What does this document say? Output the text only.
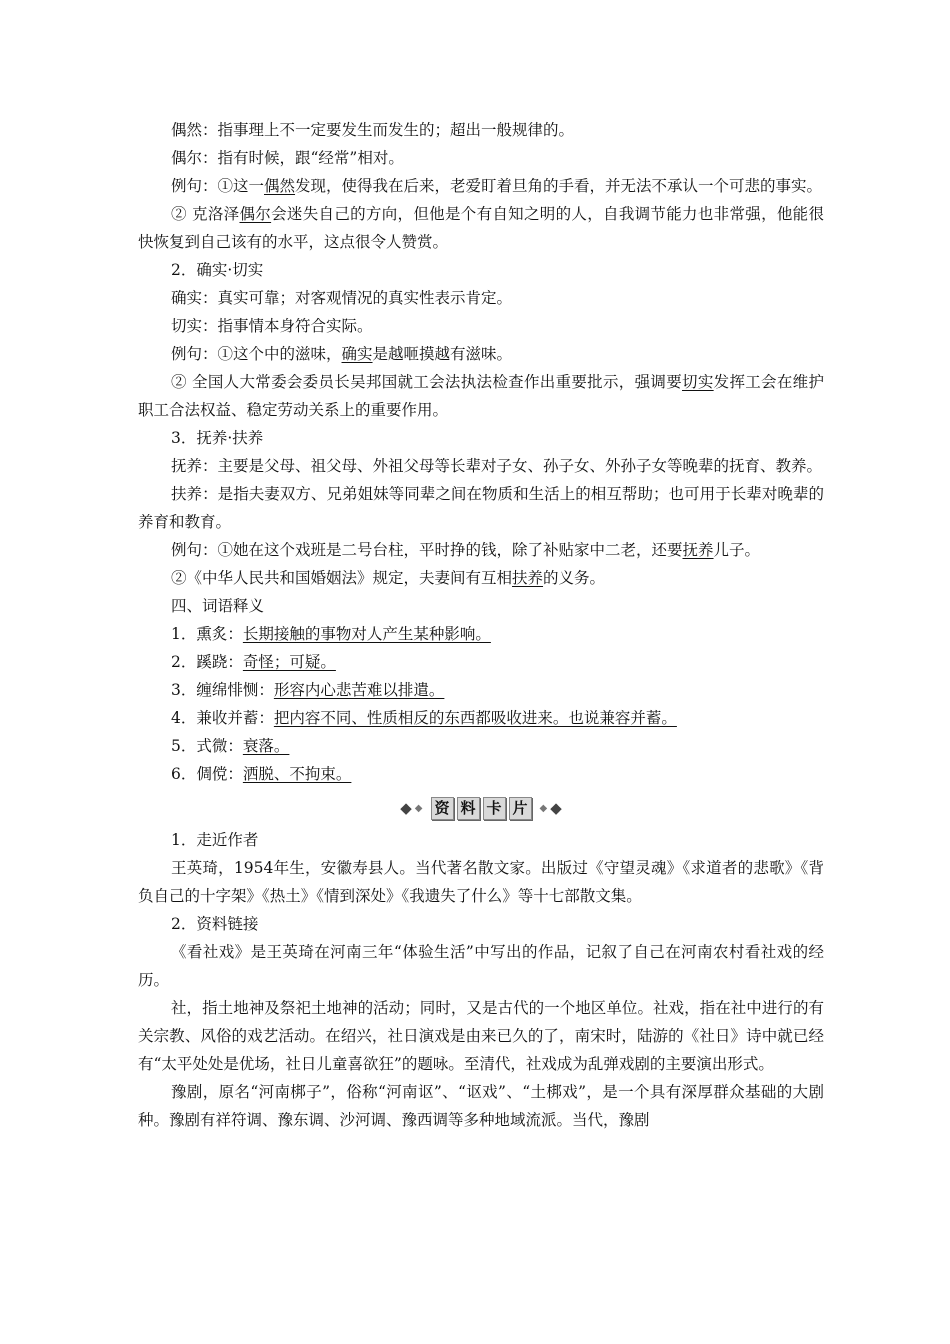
偶然：指事理上不一定要发生而发生的；超出一般规律的。
偶尔：指有时候，跟“经常”相对。
例句：①这一偶然发现，使得我在后来，老爱盯着旦角的手看，并无法不承认一个可悲的事实。
② 克洛泽偶尔会迷失自己的方向，但他是个有自知之明的人，自我调节能力也非常强，他能很快恢复到自己该有的水平，这点很令人赞赏。
2．确实·切实
确实：真实可靠；对客观情况的真实性表示肯定。
切实：指事情本身符合实际。
例句：①这个中的滋味，确实是越咂摸越有滋味。
② 全国人大常委会委员长吴邦国就工会法执法检查作出重要批示，强调要切实发挥工会在维护职工合法权益、稳定劳动关系上的重要作用。
3．抚养·扶养
抚养：主要是父母、祖父母、外祖父母等长辈对子女、孙子女、外孙子女等晚辈的抚育、教养。
扶养：是指夫妻双方、兄弟姐妹等同辈之间在物质和生活上的相互帮助；也可用于长辈对晚辈的养育和教育。
例句：①她在这个戏班是二号台柱，平时挣的钱，除了补贴家中二老，还要抚养儿子。
②《中华人民共和国婚姻法》规定，夫妻间有互相扶养的义务。
四、词语释义
1．熏炙：长期接触的事物对人产生某种影响。
2．蹊跷：奇怪；可疑。
3．缠绵悱恻：形容内心悲苦难以排遣。
4．兼收并蓄：把内容不同、性质相反的东西都吸收进来。也说兼容并蓄。
5．式微：衰落。
6．倜傥：洒脱、不拘束。
◆ ◆ 资 料 卡 片	◆ ◆
1．走近作者
王英琦，1954年生，安徽寿县人。当代著名散文家。出版过《守望灵魂》《求道者的悲歌》《背负自己的十字架》《热土》《情到深处》《我遗失了什么》等十七部散文集。
2．资料链接
《看社戏》是王英琦在河南三年“体验生活”中写出的作品，记叙了自己在河南农村看社戏的经历。
社，指土地神及祭祀土地神的活动；同时，又是古代的一个地区单位。社戏，指在社中进行的有关宗教、风俗的戏艺活动。在绍兴，社日演戏是由来已久的了，南宋时，陆游的《社日》诗中就已经有“太平处处是优场，社日儿童喜欲狂”的题咏。至清代，社戏成为乱弹戏剧的主要演出形式。
豫剧，原名“河南梆子”，俗称“河南讴”、“讴戏”、“土梆戏”，是一个具有深厚群众基础的大剧种。豫剧有祥符调、豫东调、沙河调、豫西调等多种地域流派。当代，豫剧
